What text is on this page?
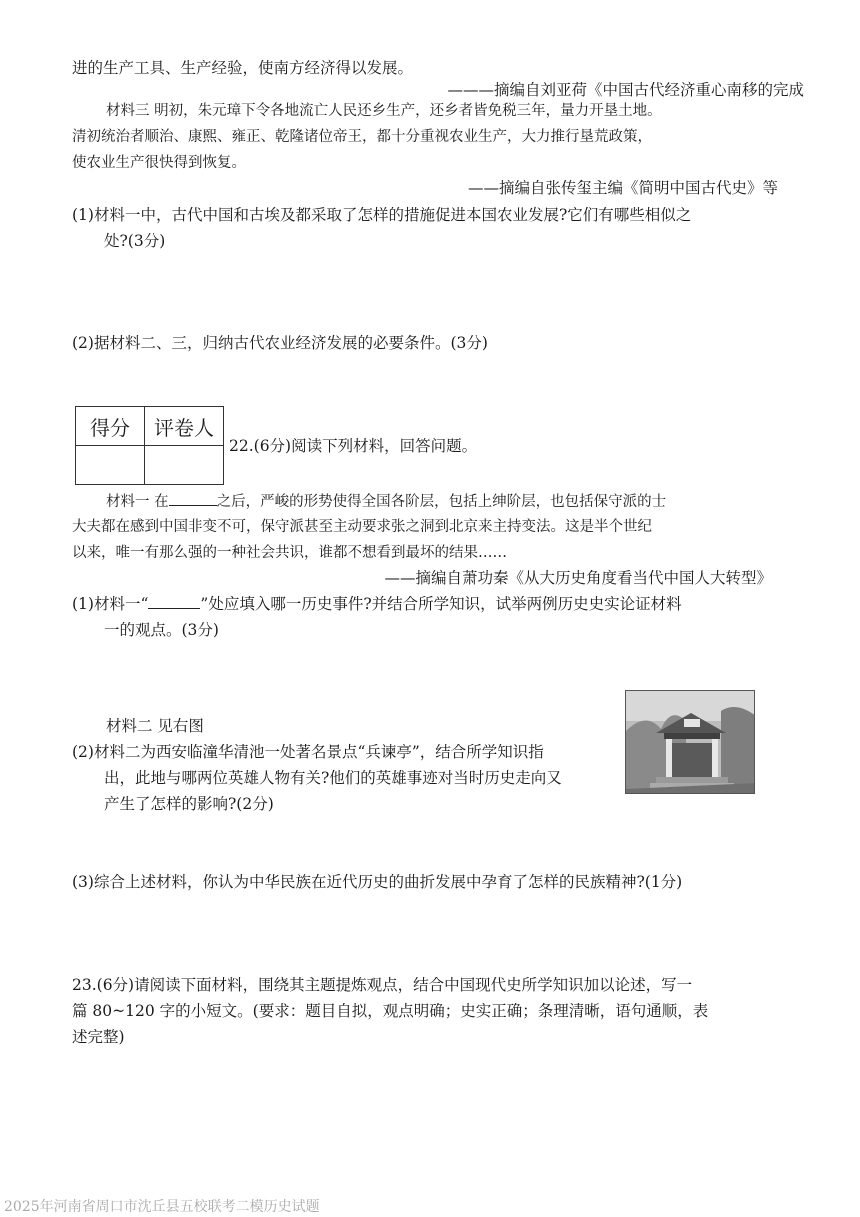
进的生产工具、生产经验，使南方经济得以发展。
———摘编自刘亚荷《中国古代经济重心南移的完成
材料三 明初，朱元璋下令各地流亡人民还乡生产，还乡者皆免税三年，量力开垦土地。
清初统治者顺治、康熙、雍正、乾隆诸位帝王，都十分重视农业生产，大力推行垦荒政策，
使农业生产很快得到恢复。
——摘编自张传玺主编《简明中国古代史》等
(1)材料一中，古代中国和古埃及都采取了怎样的措施促进本国农业发展?它们有哪些相似之
处?(3分)
(2)据材料二、三，归纳古代农业经济发展的必要条件。(3分)
得分	评卷人

22.(6分)阅读下列材料，回答问题。
材料一 在	之后，严峻的形势使得全国各阶层，包括上绅阶层，也包括保守派的士
大夫都在感到中国非变不可，保守派甚至主动要求张之洞到北京来主持变法。这是半个世纪
以来，唯一有那么强的一种社会共识，谁都不想看到最坏的结果……
——摘编自萧功秦《从大历史角度看当代中国人大转型》
(1)材料一“	”处应填入哪一历史事件?并结合所学知识，试举两例历史史实论证材料
一的观点。(3分)
材料二 见右图
(2)材料二为西安临潼华清池一处著名景点“兵谏亭”，结合所学知识指
出，此地与哪两位英雄人物有关?他们的英雄事迹对当时历史走向又
产生了怎样的影响?(2分)
(3)综合上述材料，你认为中华民族在近代历史的曲折发展中孕育了怎样的民族精神?(1分)
23.(6分)请阅读下面材料，围绕其主题提炼观点，结合中国现代史所学知识加以论述，写一
篇 80~120 字的小短文。(要求：题目自拟，观点明确；史实正确；条理清晰，语句通顺，表
述完整)
2025年河南省周口市沈丘县五校联考二模历史试题
